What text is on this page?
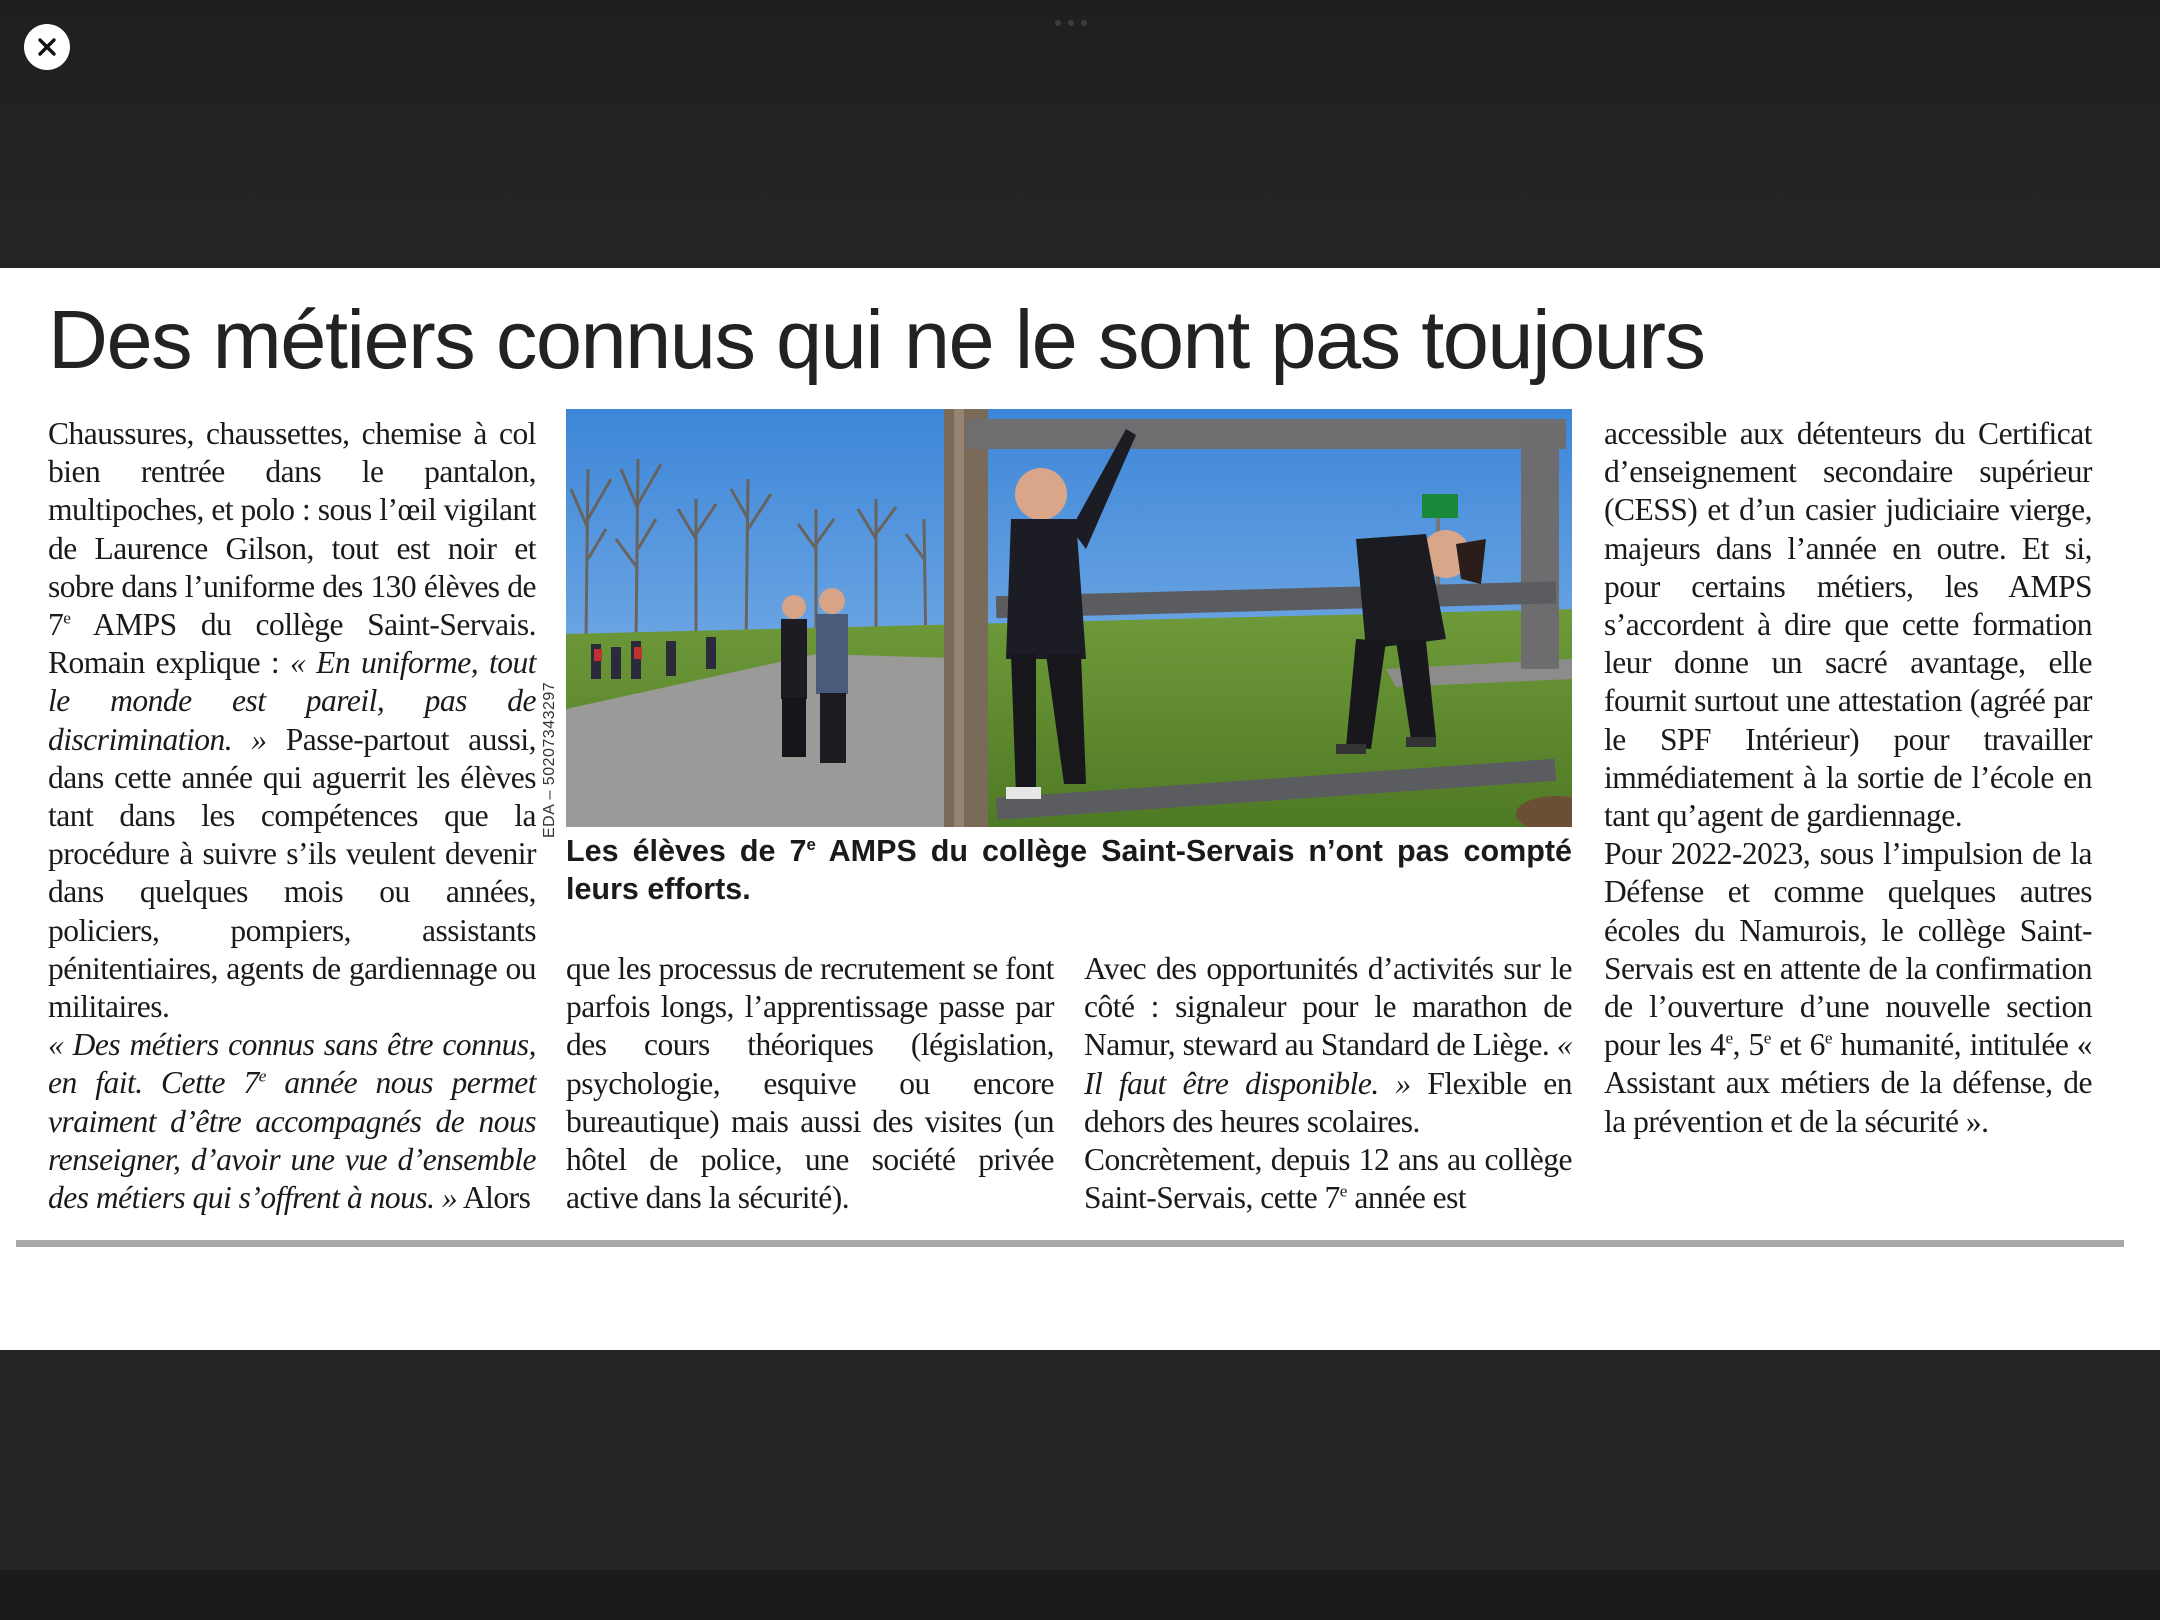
Des métiers connus qui ne le sont pas toujours

Chaussures, chaussettes, chemise à col bien rentrée dans le pantalon, multipoches, et polo : sous l’œil vigilant de Laurence Gilson, tout est noir et sobre dans l’uniforme des 130 élèves de 7e AMPS du collège Saint-Servais. Romain explique : « En uniforme, tout le monde est pareil, pas de discrimination. » Passe-partout aussi, dans cette année qui aguerrit les élèves tant dans les compétences que la procédure à suivre s’ils veulent devenir dans quelques mois ou années, policiers, pompiers, assistants pénitentiaires, agents de gardiennage ou militaires.

« Des métiers connus sans être connus, en fait. Cette 7e année nous permet vraiment d’être accompagnés de nous renseigner, d’avoir une vue d’ensemble des métiers qui s’offrent à nous. » Alors

EDA – 502073432​97

Les élèves de 7e AMPS du collège Saint-Servais n’ont pas compté leurs efforts.

que les processus de recrutement se font parfois longs, l’apprentissage passe par des cours théoriques (législation, psychologie, esquive ou encore bureautique) mais aussi des visites (un hôtel de police, une société privée active dans la sécurité).

Avec des opportunités d’activités sur le côté : signaleur pour le marathon de Namur, steward au Standard de Liège. « Il faut être disponible. » Flexible en dehors des heures scolaires.

Concrètement, depuis 12 ans au collège Saint-Servais, cette 7e année est

accessible aux détenteurs du Certificat d’enseignement secondaire supérieur (CESS) et d’un casier judiciaire vierge, majeurs dans l’année en outre. Et si, pour certains métiers, les AMPS s’accordent à dire que cette formation leur donne un sacré avantage, elle fournit surtout une attestation (agréé par le SPF Intérieur) pour travailler immédiatement à la sortie de l’école en tant qu’agent de gardiennage.

Pour 2022-2023, sous l’impulsion de la Défense et comme quelques autres écoles du Namurois, le collège Saint-Servais est en attente de la confirmation de l’ouverture d’une nouvelle section pour les 4e, 5e et 6e humanité, intitulée « Assistant aux métiers de la défense, de la prévention et de la sécurité ».
